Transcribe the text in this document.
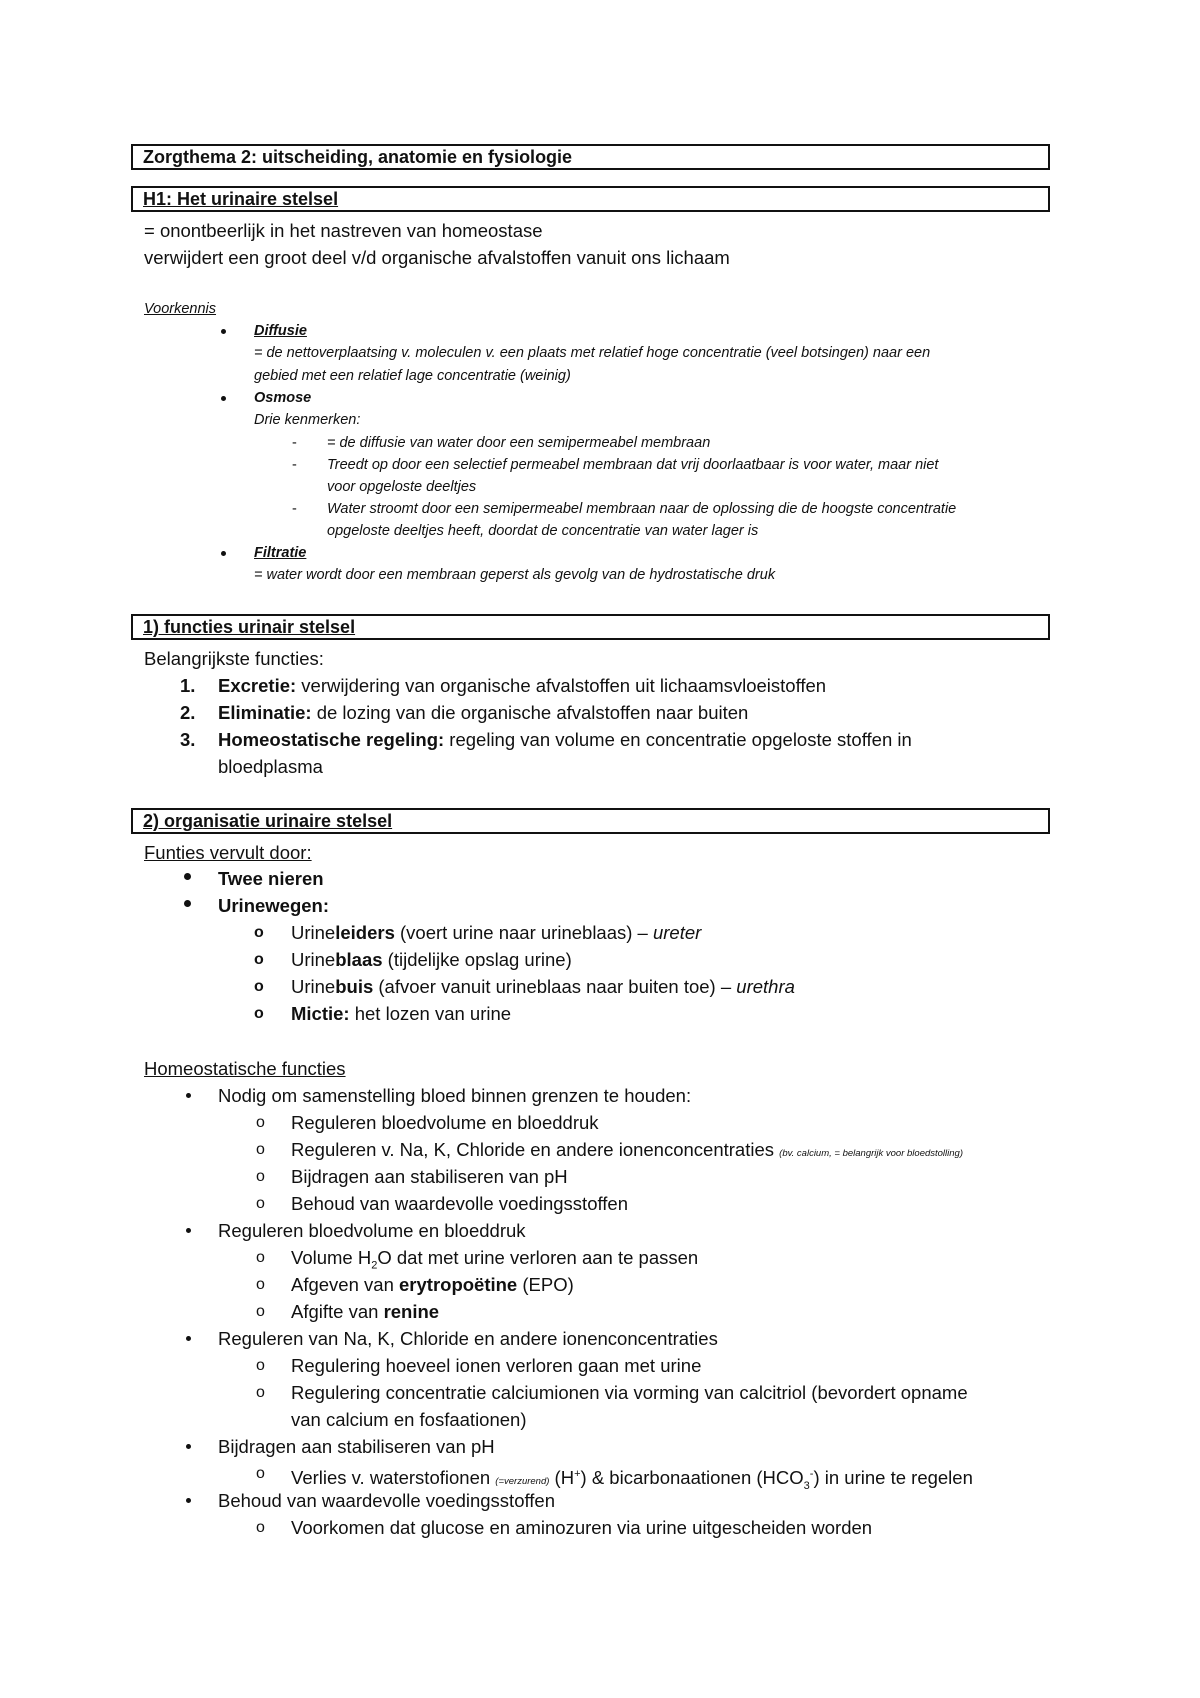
Zorgthema 2: uitscheiding, anatomie en fysiologie
H1: Het urinaire stelsel
= onontbeerlijk in het nastreven van homeostase
verwijdert een groot deel v/d organische afvalstoffen vanuit ons lichaam
Voorkennis
Diffusie
= de nettoverplaatsing v. moleculen v. een plaats met relatief hoge concentratie (veel botsingen) naar een
gebied met een relatief lage concentratie (weinig)
Osmose
Drie kenmerken:
- = de diffusie van water door een semipermeabel membraan
- Treedt op door een selectief permeabel membraan dat vrij doorlaatbaar is voor water, maar niet
voor opgeloste deeltjes
- Water stroomt door een semipermeabel membraan naar de oplossing die de hoogste concentratie
opgeloste deeltjes heeft, doordat de concentratie van water lager is
Filtratie
= water wordt door een membraan geperst als gevolg van de hydrostatische druk
1) functies urinair stelsel
Belangrijkste functies:
1. Excretie: verwijdering van organische afvalstoffen uit lichaamsvloeistoffen
2. Eliminatie: de lozing van die organische afvalstoffen naar buiten
3. Homeostatische regeling: regeling van volume en concentratie opgeloste stoffen in
bloedplasma
2) organisatie urinaire stelsel
Funties vervult door:
Twee nieren
Urinewegen:
o Urineleiders (voert urine naar urineblaas) – ureter
o Urineblaas (tijdelijke opslag urine)
o Urinebuis (afvoer vanuit urineblaas naar buiten toe) – urethra
o Mictie: het lozen van urine
Homeostatische functies
Nodig om samenstelling bloed binnen grenzen te houden:
o Reguleren bloedvolume en bloeddruk
o Reguleren v. Na, K, Chloride en andere ionenconcentraties (bv. calcium, = belangrijk voor bloedstolling)
o Bijdragen aan stabiliseren van pH
o Behoud van waardevolle voedingsstoffen
Reguleren bloedvolume en bloeddruk
o Volume $H_2O$ dat met urine verloren aan te passen
o Afgeven van erytropoëtine (EPO)
o Afgifte van renine
Reguleren van Na, K, Chloride en andere ionenconcentraties
o Regulering hoeveel ionen verloren gaan met urine
o Regulering concentratie calciumionen via vorming van calcitriol (bevordert opname
van calcium en fosfaationen)
Bijdragen aan stabiliseren van pH
o Verlies v. waterstofionen (=verzurend) (H+) & bicarbonaationen $(HCO_3^-)$ in urine te regelen
Behoud van waardevolle voedingsstoffen
o Voorkomen dat glucose en aminozuren via urine uitgescheiden worden
